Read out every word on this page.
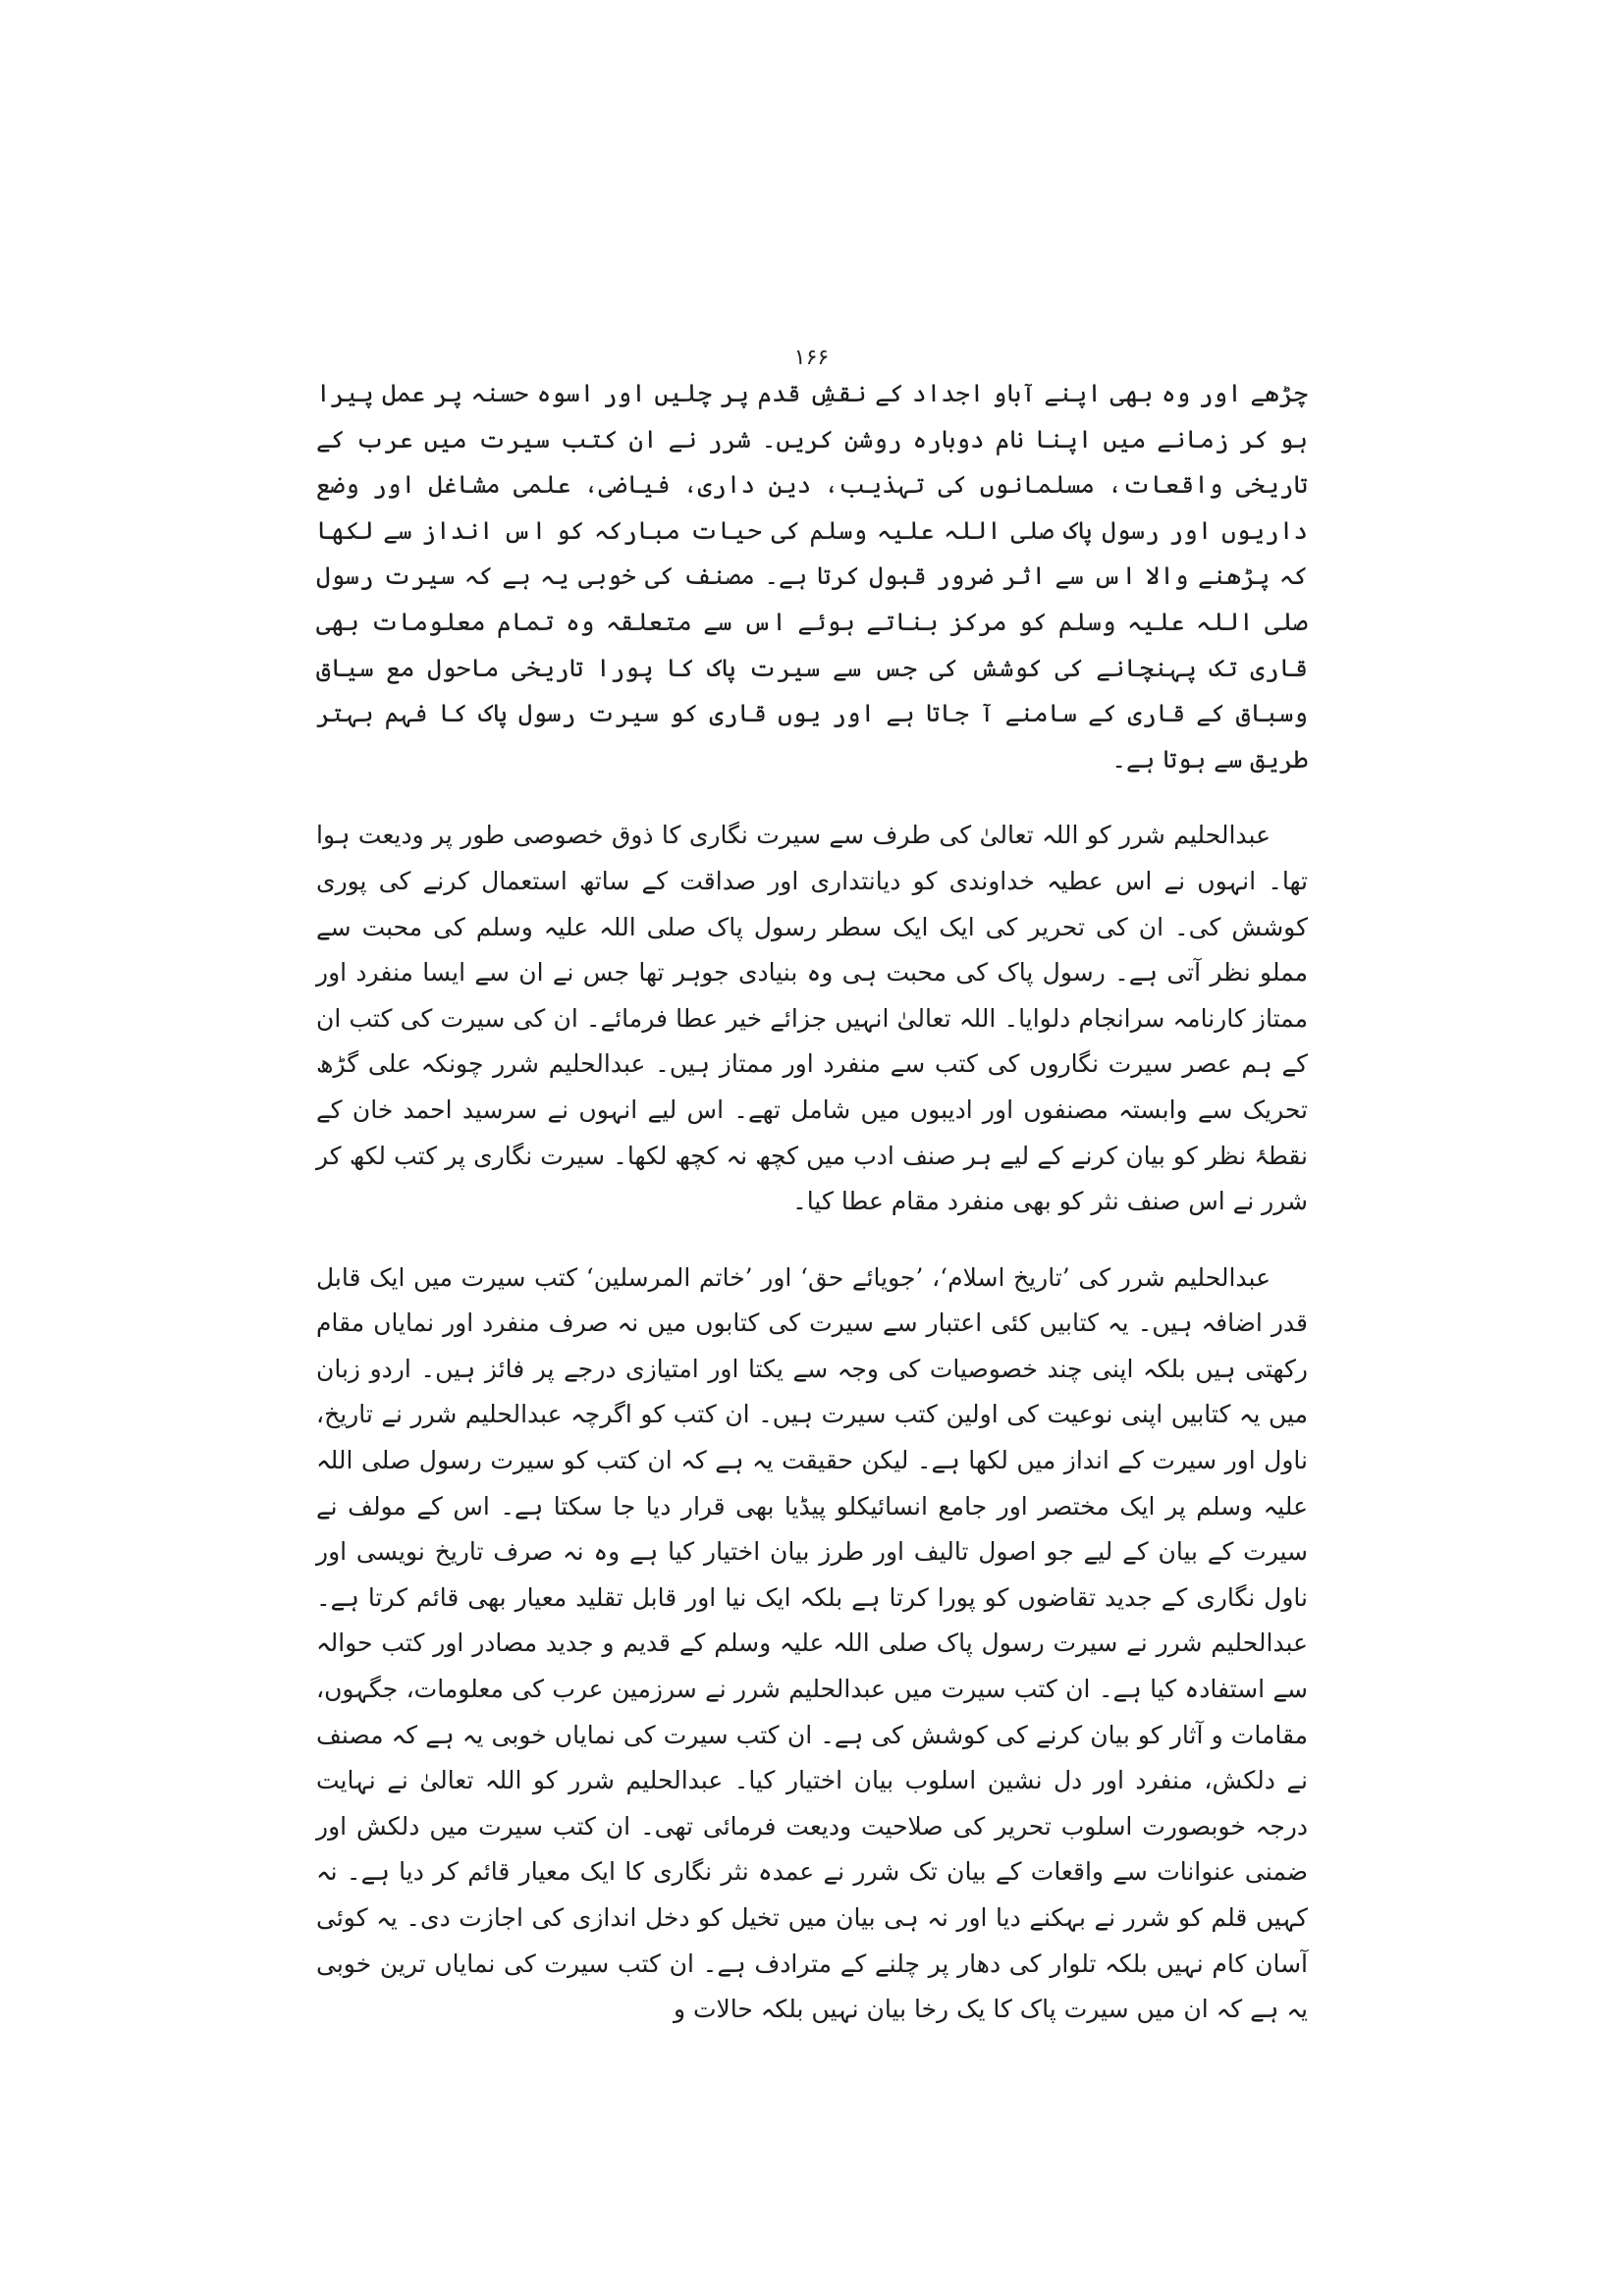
۱۶۶

چڑھے اور وہ بھی اپنے آباو اجداد کے نقشِ قدم پر چلیں اور اسوہ حسنہ پر عمل پیرا ہو کر زمانے میں اپنا نام دوبارہ روشن کریں۔ شرر نے ان کتب سیرت میں عرب کے تاریخی واقعات، مسلمانوں کی تہذیب، دین داری، فیاضی، علمی مشاغل اور وضع داریوں اور رسول پاک صلی اللہ علیہ وسلم کی حیات مبارکہ کو اس انداز سے لکھا کہ پڑھنے والا اس سے اثر ضرور قبول کرتا ہے۔ مصنف کی خوبی یہ ہے کہ سیرت رسول صلی اللہ علیہ وسلم کو مرکز بناتے ہوئے اس سے متعلقہ وہ تمام معلومات بھی قاری تک پہنچانے کی کوشش کی جس سے سیرت پاک کا پورا تاریخی ماحول مع سیاق وسباق کے قاری کے سامنے آ جاتا ہے اور یوں قاری کو سیرت رسول پاک کا فہم بہتر طریق سے ہوتا ہے۔

عبدالحلیم شرر کو اللہ تعالیٰ کی طرف سے سیرت نگاری کا ذوق خصوصی طور پر ودیعت ہوا تھا۔ انہوں نے اس عطیہ خداوندی کو دیانتداری اور صداقت کے ساتھ استعمال کرنے کی پوری کوشش کی۔ ان کی تحریر کی ایک ایک سطر رسول پاک صلی اللہ علیہ وسلم کی محبت سے مملو نظر آتی ہے۔ رسول پاک کی محبت ہی وہ بنیادی جوہر تھا جس نے ان سے ایسا منفرد اور ممتاز کارنامہ سرانجام دلوایا۔ اللہ تعالیٰ انہیں جزائے خیر عطا فرمائے۔ ان کی سیرت کی کتب ان کے ہم عصر سیرت نگاروں کی کتب سے منفرد اور ممتاز ہیں۔ عبدالحلیم شرر چونکہ علی گڑھ تحریک سے وابستہ مصنفوں اور ادیبوں میں شامل تھے۔ اس لیے انہوں نے سرسید احمد خان کے نقطۂ نظر کو بیان کرنے کے لیے ہر صنف ادب میں کچھ نہ کچھ لکھا۔ سیرت نگاری پر کتب لکھ کر شرر نے اس صنف نثر کو بھی منفرد مقام عطا کیا۔

عبدالحلیم شرر کی ’تاریخ اسلام‘، ’جویائے حق‘ اور ’خاتم المرسلین‘ کتب سیرت میں ایک قابل قدر اضافہ ہیں۔ یہ کتابیں کئی اعتبار سے سیرت کی کتابوں میں نہ صرف منفرد اور نمایاں مقام رکھتی ہیں بلکہ اپنی چند خصوصیات کی وجہ سے یکتا اور امتیازی درجے پر فائز ہیں۔ اردو زبان میں یہ کتابیں اپنی نوعیت کی اولین کتب سیرت ہیں۔ ان کتب کو اگرچہ عبدالحلیم شرر نے تاریخ، ناول اور سیرت کے انداز میں لکھا ہے۔ لیکن حقیقت یہ ہے کہ ان کتب کو سیرت رسول صلی اللہ علیہ وسلم پر ایک مختصر اور جامع انسائیکلو پیڈیا بھی قرار دیا جا سکتا ہے۔ اس کے مولف نے سیرت کے بیان کے لیے جو اصول تالیف اور طرز بیان اختیار کیا ہے وہ نہ صرف تاریخ نویسی اور ناول نگاری کے جدید تقاضوں کو پورا کرتا ہے بلکہ ایک نیا اور قابل تقلید معیار بھی قائم کرتا ہے۔ عبدالحلیم شرر نے سیرت رسول پاک صلی اللہ علیہ وسلم کے قدیم و جدید مصادر اور کتب حوالہ سے استفادہ کیا ہے۔ ان کتب سیرت میں عبدالحلیم شرر نے سرزمین عرب کی معلومات، جگہوں، مقامات و آثار کو بیان کرنے کی کوشش کی ہے۔ ان کتب سیرت کی نمایاں خوبی یہ ہے کہ مصنف نے دلکش، منفرد اور دل نشین اسلوب بیان اختیار کیا۔ عبدالحلیم شرر کو اللہ تعالیٰ نے نہایت درجہ خوبصورت اسلوب تحریر کی صلاحیت ودیعت فرمائی تھی۔ ان کتب سیرت میں دلکش اور ضمنی عنوانات سے واقعات کے بیان تک شرر نے عمدہ نثر نگاری کا ایک معیار قائم کر دیا ہے۔ نہ کہیں قلم کو شرر نے بہکنے دیا اور نہ ہی بیان میں تخیل کو دخل اندازی کی اجازت دی۔ یہ کوئی آسان کام نہیں بلکہ تلوار کی دھار پر چلنے کے مترادف ہے۔ ان کتب سیرت کی نمایاں ترین خوبی یہ ہے کہ ان میں سیرت پاک کا یک رخا بیان نہیں بلکہ حالات و
